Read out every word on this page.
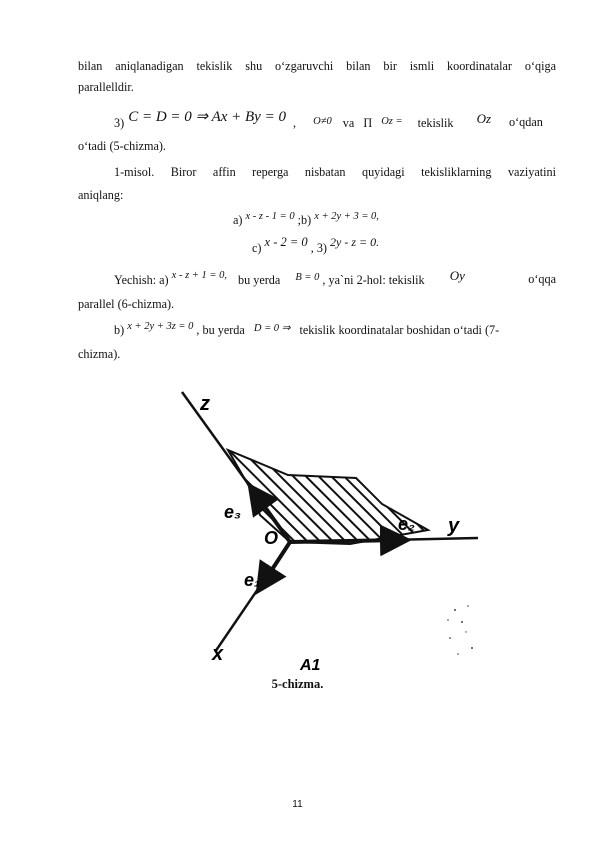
bilan aniqlanadigan tekislik shu o‘zgaruvchi bilan bir ismli koordinatalar o‘qiga
parallelldir.
3) C = D = 0 ⇒ Ax + By = 0 , O≠0 va Π Oz = tekislik Oz o‘qdan
o‘tadi (5-chizma).
1-misol. Biror affin reperga nisbatan quyidagi tekisliklarning vaziyatini
aniqlang:
a) x - z - 1 = 0 ;b) x + 2y + 3 = 0,
c) x - 2 = 0 , 3) 2y - z = 0.
Yechish: a) x - z + 1 = 0, bu yerda B = 0 , ya`ni 2-hol: tekislik Oy	o‘qqa
parallel (6-chizma).
b) x + 2y + 3z = 0 , bu yerda D = 0 ⇒ tekislik koordinatalar boshidan o‘tadi (7-
chizma).
z
y
x
O
e₃
e₂
e₁
A1
5-chizma.
11
